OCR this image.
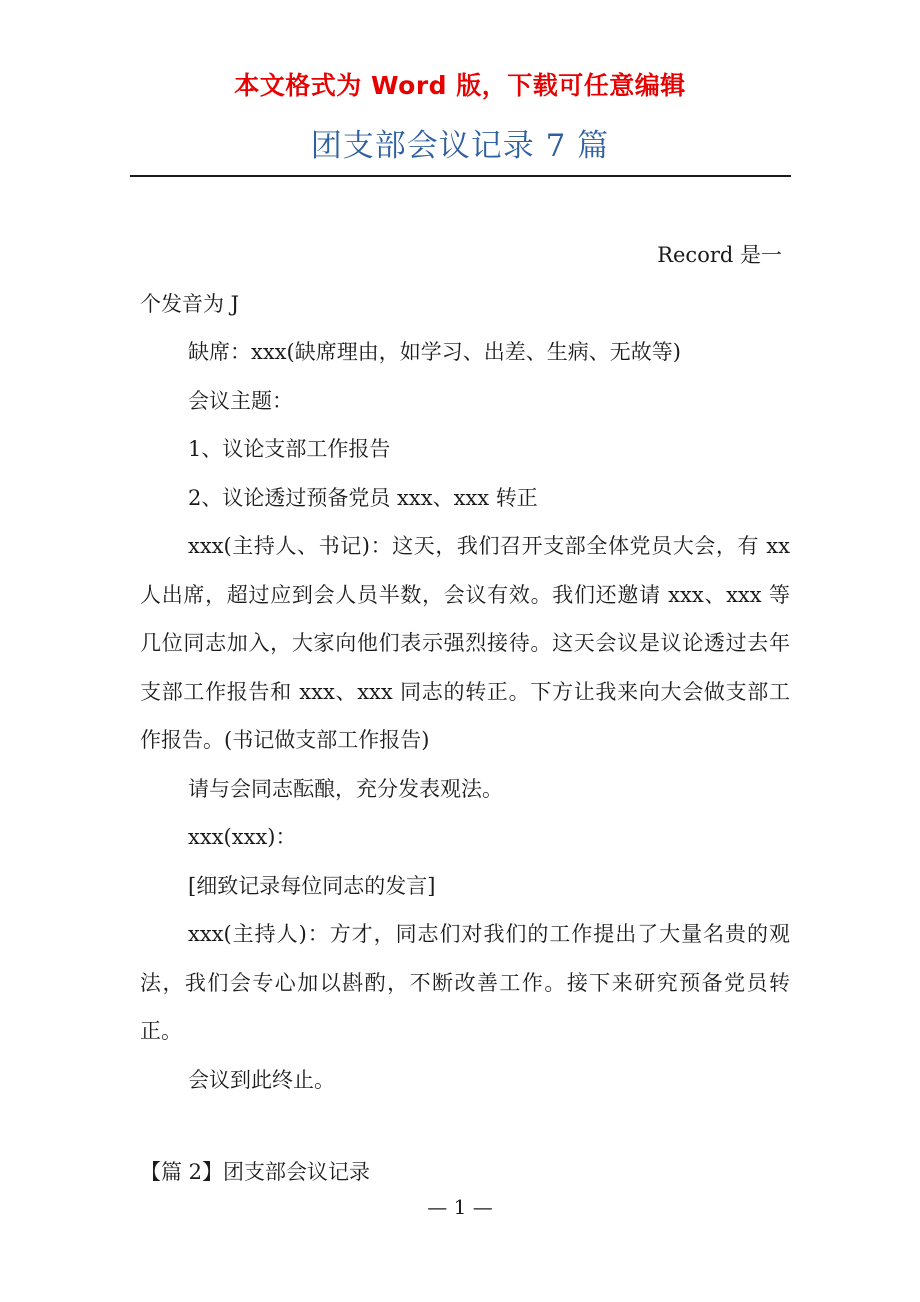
本文格式为 Word 版，下载可任意编辑
团支部会议记录 7 篇

Record 是一

个发音为 J

缺席：xxx(缺席理由，如学习、出差、生病、无故等)

会议主题：

1、议论支部工作报告

2、议论透过预备党员 xxx、xxx 转正

xxx(主持人、书记)：这天，我们召开支部全体党员大会，有 xx 人出席，超过应到会人员半数，会议有效。我们还邀请 xxx、xxx 等几位同志加入，大家向他们表示强烈接待。这天会议是议论透过去年支部工作报告和 xxx、xxx 同志的转正。下方让我来向大会做支部工作报告。(书记做支部工作报告)

请与会同志酝酿，充分发表观法。

xxx(xxx)：

[细致记录每位同志的发言]

xxx(主持人)：方才，同志们对我们的工作提出了大量名贵的观法，我们会专心加以斟酌，不断改善工作。接下来研究预备党员转正。

会议到此终止。

【篇 2】团支部会议记录

— 1 —
